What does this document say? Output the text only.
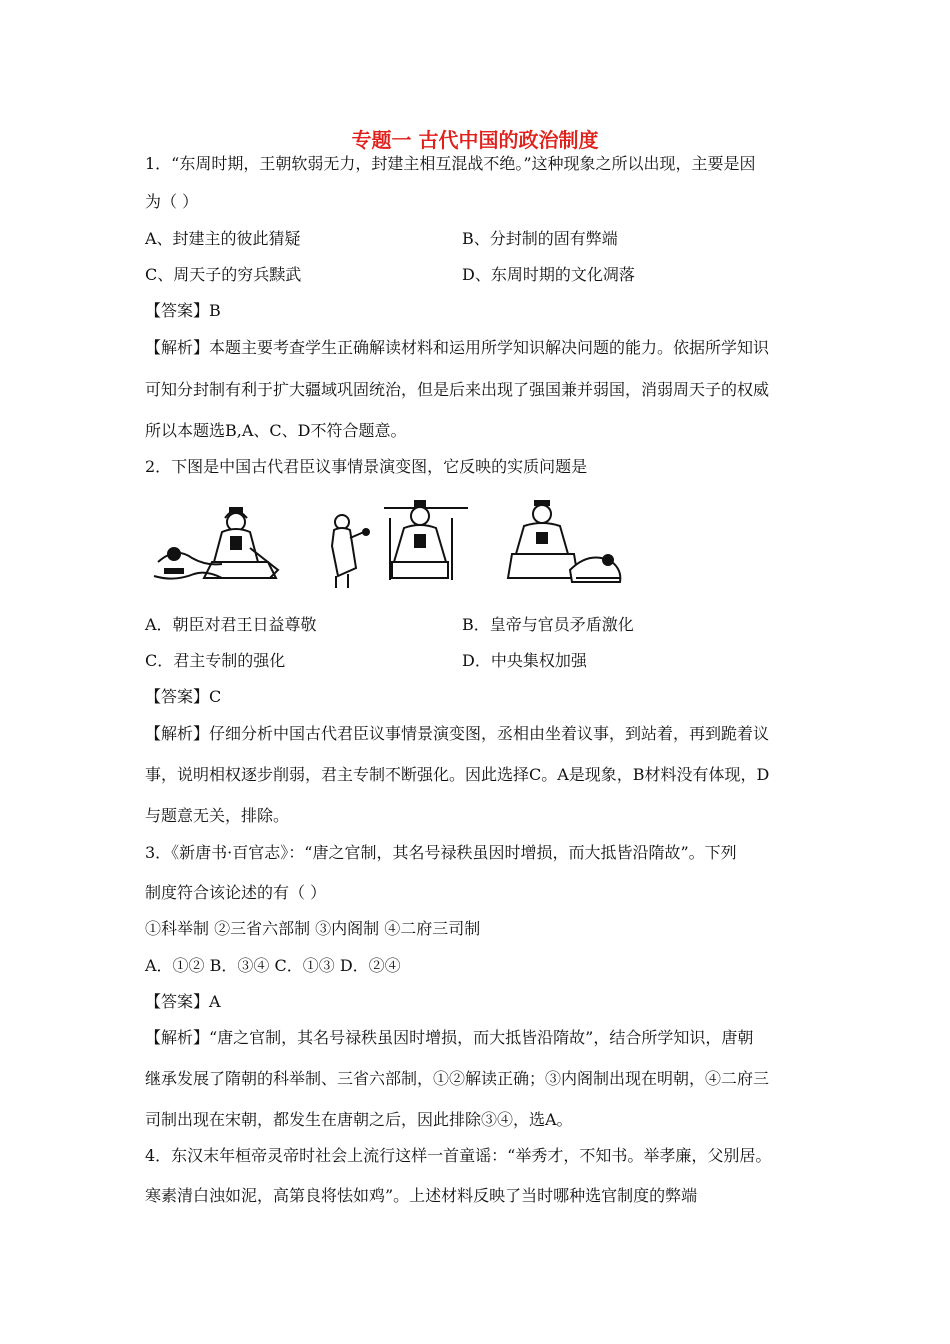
专题一 古代中国的政治制度
1．“东周时期，王朝软弱无力，封建主相互混战不绝。”这种现象之所以出现，主要是因
为（ ）
A、封建主的彼此猜疑	B、分封制的固有弊端
C、周天子的穷兵黩武	D、东周时期的文化凋落
【答案】B
【解析】本题主要考查学生正确解读材料和运用所学知识解决问题的能力。依据所学知识
可知分封制有利于扩大疆域巩固统治，但是后来出现了强国兼并弱国，消弱周天子的权威
所以本题选B,A、C、D不符合题意。
2．下图是中国古代君臣议事情景演变图，它反映的实质问题是
A．朝臣对君王日益尊敬	B．皇帝与官员矛盾激化
C．君主专制的强化	D．中央集权加强
【答案】C
【解析】仔细分析中国古代君臣议事情景演变图，丞相由坐着议事，到站着，再到跪着议
事，说明相权逐步削弱，君主专制不断强化。因此选择C。A是现象，B材料没有体现，D
与题意无关，排除。
3．《新唐书·百官志》：“唐之官制，其名号禄秩虽因时增损，而大抵皆沿隋故”。下列
制度符合该论述的有（ ）
①科举制 ②三省六部制 ③内阁制 ④二府三司制
A．①② B．③④ C．①③ D．②④
【答案】A
【解析】“唐之官制，其名号禄秩虽因时增损，而大抵皆沿隋故”，结合所学知识，唐朝
继承发展了隋朝的科举制、三省六部制，①②解读正确；③内阁制出现在明朝，④二府三
司制出现在宋朝，都发生在唐朝之后，因此排除③④，选A。
4．东汉末年桓帝灵帝时社会上流行这样一首童谣：“举秀才，不知书。举孝廉，父别居。
寒素清白浊如泥，高第良将怯如鸡”。上述材料反映了当时哪种选官制度的弊端
